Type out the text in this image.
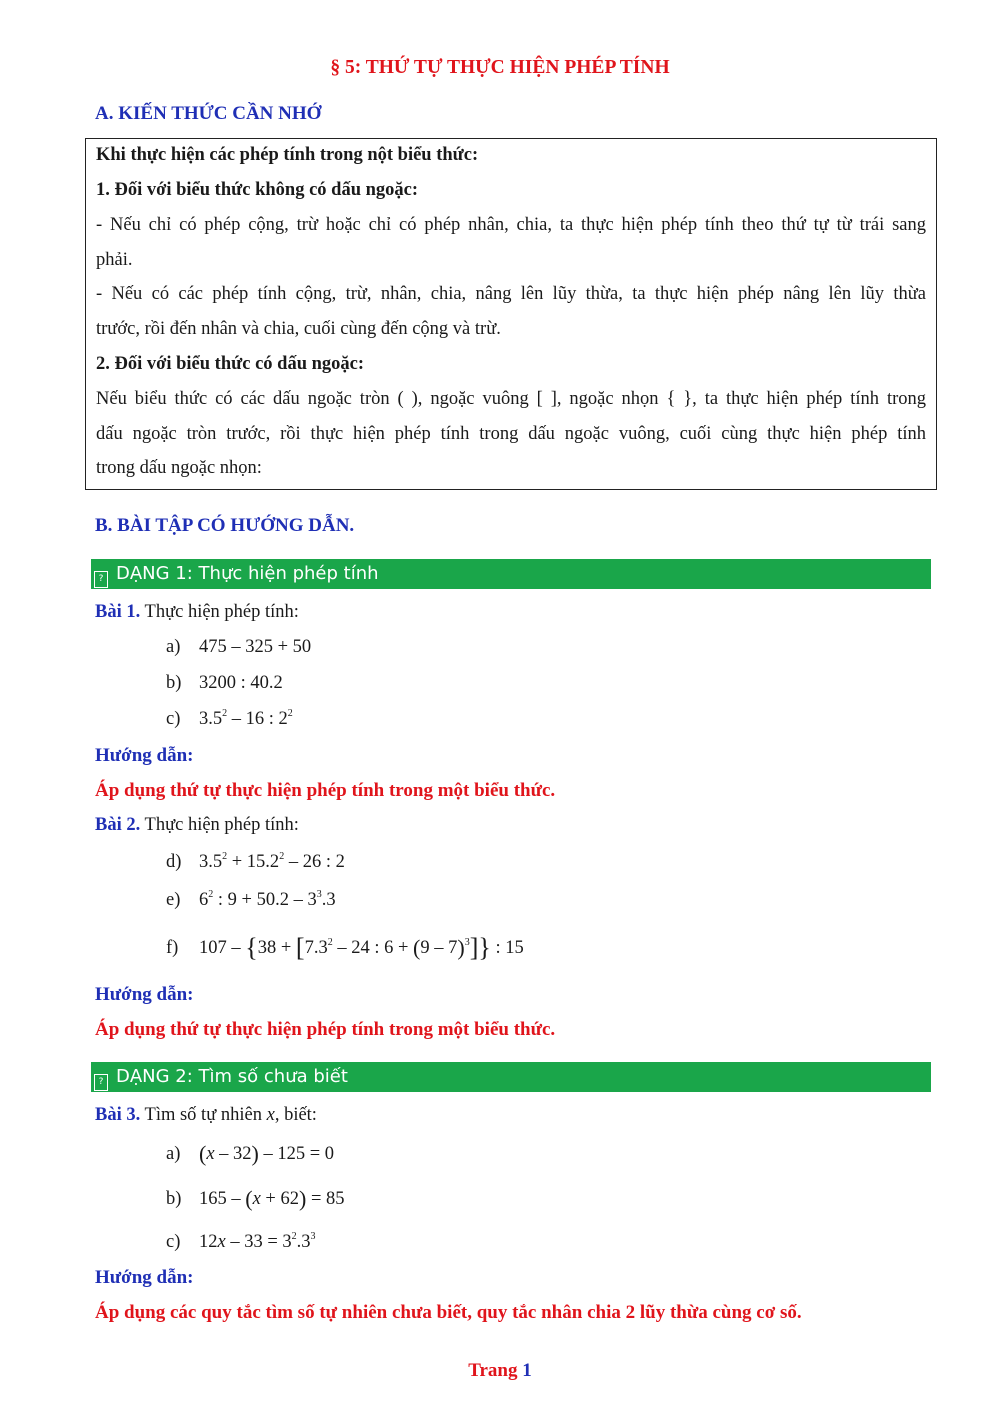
§ 5: THỨ TỰ THỰC HIỆN PHÉP TÍNH
A. KIẾN THỨC CẦN NHỚ
Khi thực hiện các phép tính trong nột biểu thức:
1. Đối với biểu thức không có dấu ngoặc:
- Nếu chỉ có phép cộng, trừ hoặc chỉ có phép nhân, chia, ta thực hiện phép tính theo thứ tự từ trái sang
phải.
- Nếu có các phép tính cộng, trừ, nhân, chia, nâng lên lũy thừa, ta thực hiện phép nâng lên lũy thừa
trước, rồi đến nhân và chia, cuối cùng đến cộng và trừ.
2. Đối với biểu thức có dấu ngoặc:
Nếu biểu thức có các dấu ngoặc tròn ( ), ngoặc vuông [ ], ngoặc nhọn { }, ta thực hiện phép tính trong
dấu ngoặc tròn trước, rồi thực hiện phép tính trong dấu ngoặc vuông, cuối cùng thực hiện phép tính
trong dấu ngoặc nhọn:
B. BÀI TẬP CÓ HƯỚNG DẪN.
? DẠNG 1: Thực hiện phép tính
Bài 1. Thực hiện phép tính:
a) 475 – 325 + 50
b) 3200 : 40.2
c) $3.5^2 - 16$ : $2^2$
Hướng dẫn:
Áp dụng thứ tự thực hiện phép tính trong một biểu thức.
Bài 2. Thực hiện phép tính:
d) $3.5^2 + 15.2^2 - 26$ : 2
e) $6^2$ : $9 + 50.2 - 3^3.3$
f) $107 - \{38 + [7.3^2 - 24$ : 6 + (9 – 7)$^3$]} : 15
Hướng dẫn:
Áp dụng thứ tự thực hiện phép tính trong một biểu thức.
? DẠNG 2: Tìm số chưa biết
Bài 3. Tìm số tự nhiên x, biết:
a) (x – 32) – 125 = 0
b) 165 – (x + 62) = 85
c) $12x - 33 = 3^2.3^3$
Hướng dẫn:
Áp dụng các quy tắc tìm số tự nhiên chưa biết, quy tắc nhân chia 2 lũy thừa cùng cơ số.
Trang 1
